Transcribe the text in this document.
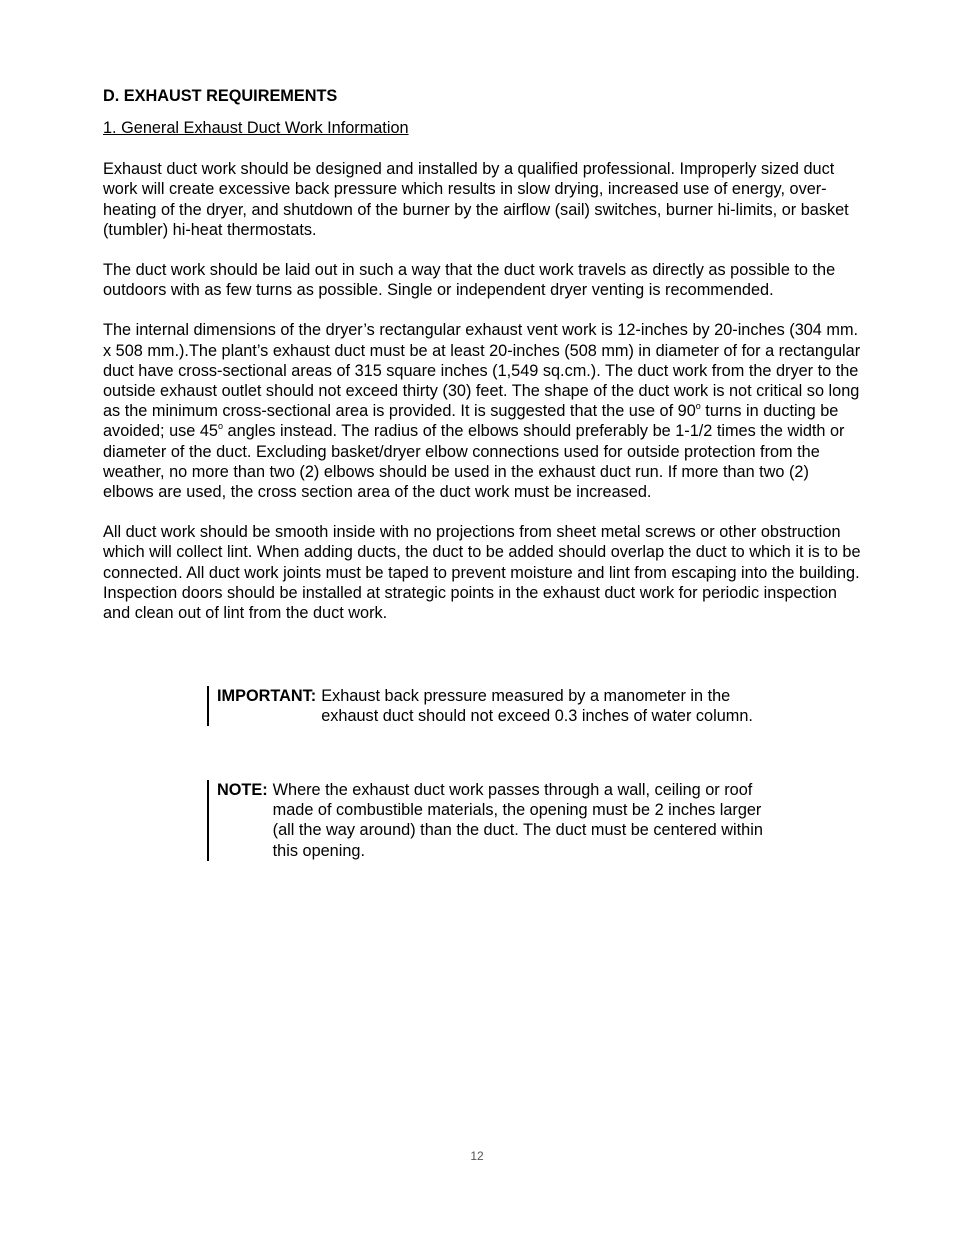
D. EXHAUST REQUIREMENTS

1. General Exhaust Duct Work Information

Exhaust duct work should be designed and installed by a qualified professional. Improperly sized duct work will create excessive back pressure which results in slow drying, increased use of energy, over-heating of the dryer, and shutdown of the burner by the airflow (sail) switches, burner hi-limits, or basket (tumbler) hi-heat thermostats.

The duct work should be laid out in such a way that the duct work travels as directly as possible to the outdoors with as few turns as possible. Single or independent dryer venting is recommended.

The internal dimensions of the dryer’s rectangular exhaust vent work is 12-inches by 20-inches (304 mm. x 508 mm.).The plant’s exhaust duct must be at least 20-inches (508 mm) in diameter of for a rectangular duct have cross-sectional areas of 315 square inches (1,549 sq.cm.). The duct work from the dryer to the outside exhaust outlet should not exceed thirty (30) feet. The shape of the duct work is not critical so long as the minimum cross-sectional area is provided. It is suggested that the use of 90$^o$ turns in ducting be avoided; use 45$^o$ angles instead. The radius of the elbows should preferably be 1-1/2 times the width or diameter of the duct. Excluding basket/dryer elbow connections used for outside protection from the weather, no more than two (2) elbows should be used in the exhaust duct run. If more than two (2) elbows are used, the cross section area of the duct work must be increased.

All duct work should be smooth inside with no projections from sheet metal screws or other obstruction which will collect lint. When adding ducts, the duct to be added should overlap the duct to which it is to be connected. All duct work joints must be taped to prevent moisture and lint from escaping into the building. Inspection doors should be installed at strategic points in the exhaust duct work for periodic inspection and clean out of lint from the duct work.

IMPORTANT: Exhaust back pressure measured by a manometer in the exhaust duct should not exceed 0.3 inches of water column.
NOTE: Where the exhaust duct work passes through a wall, ceiling or roof made of combustible materials, the opening must be 2 inches larger (all the way around) than the duct. The duct must be centered within this opening.
12
